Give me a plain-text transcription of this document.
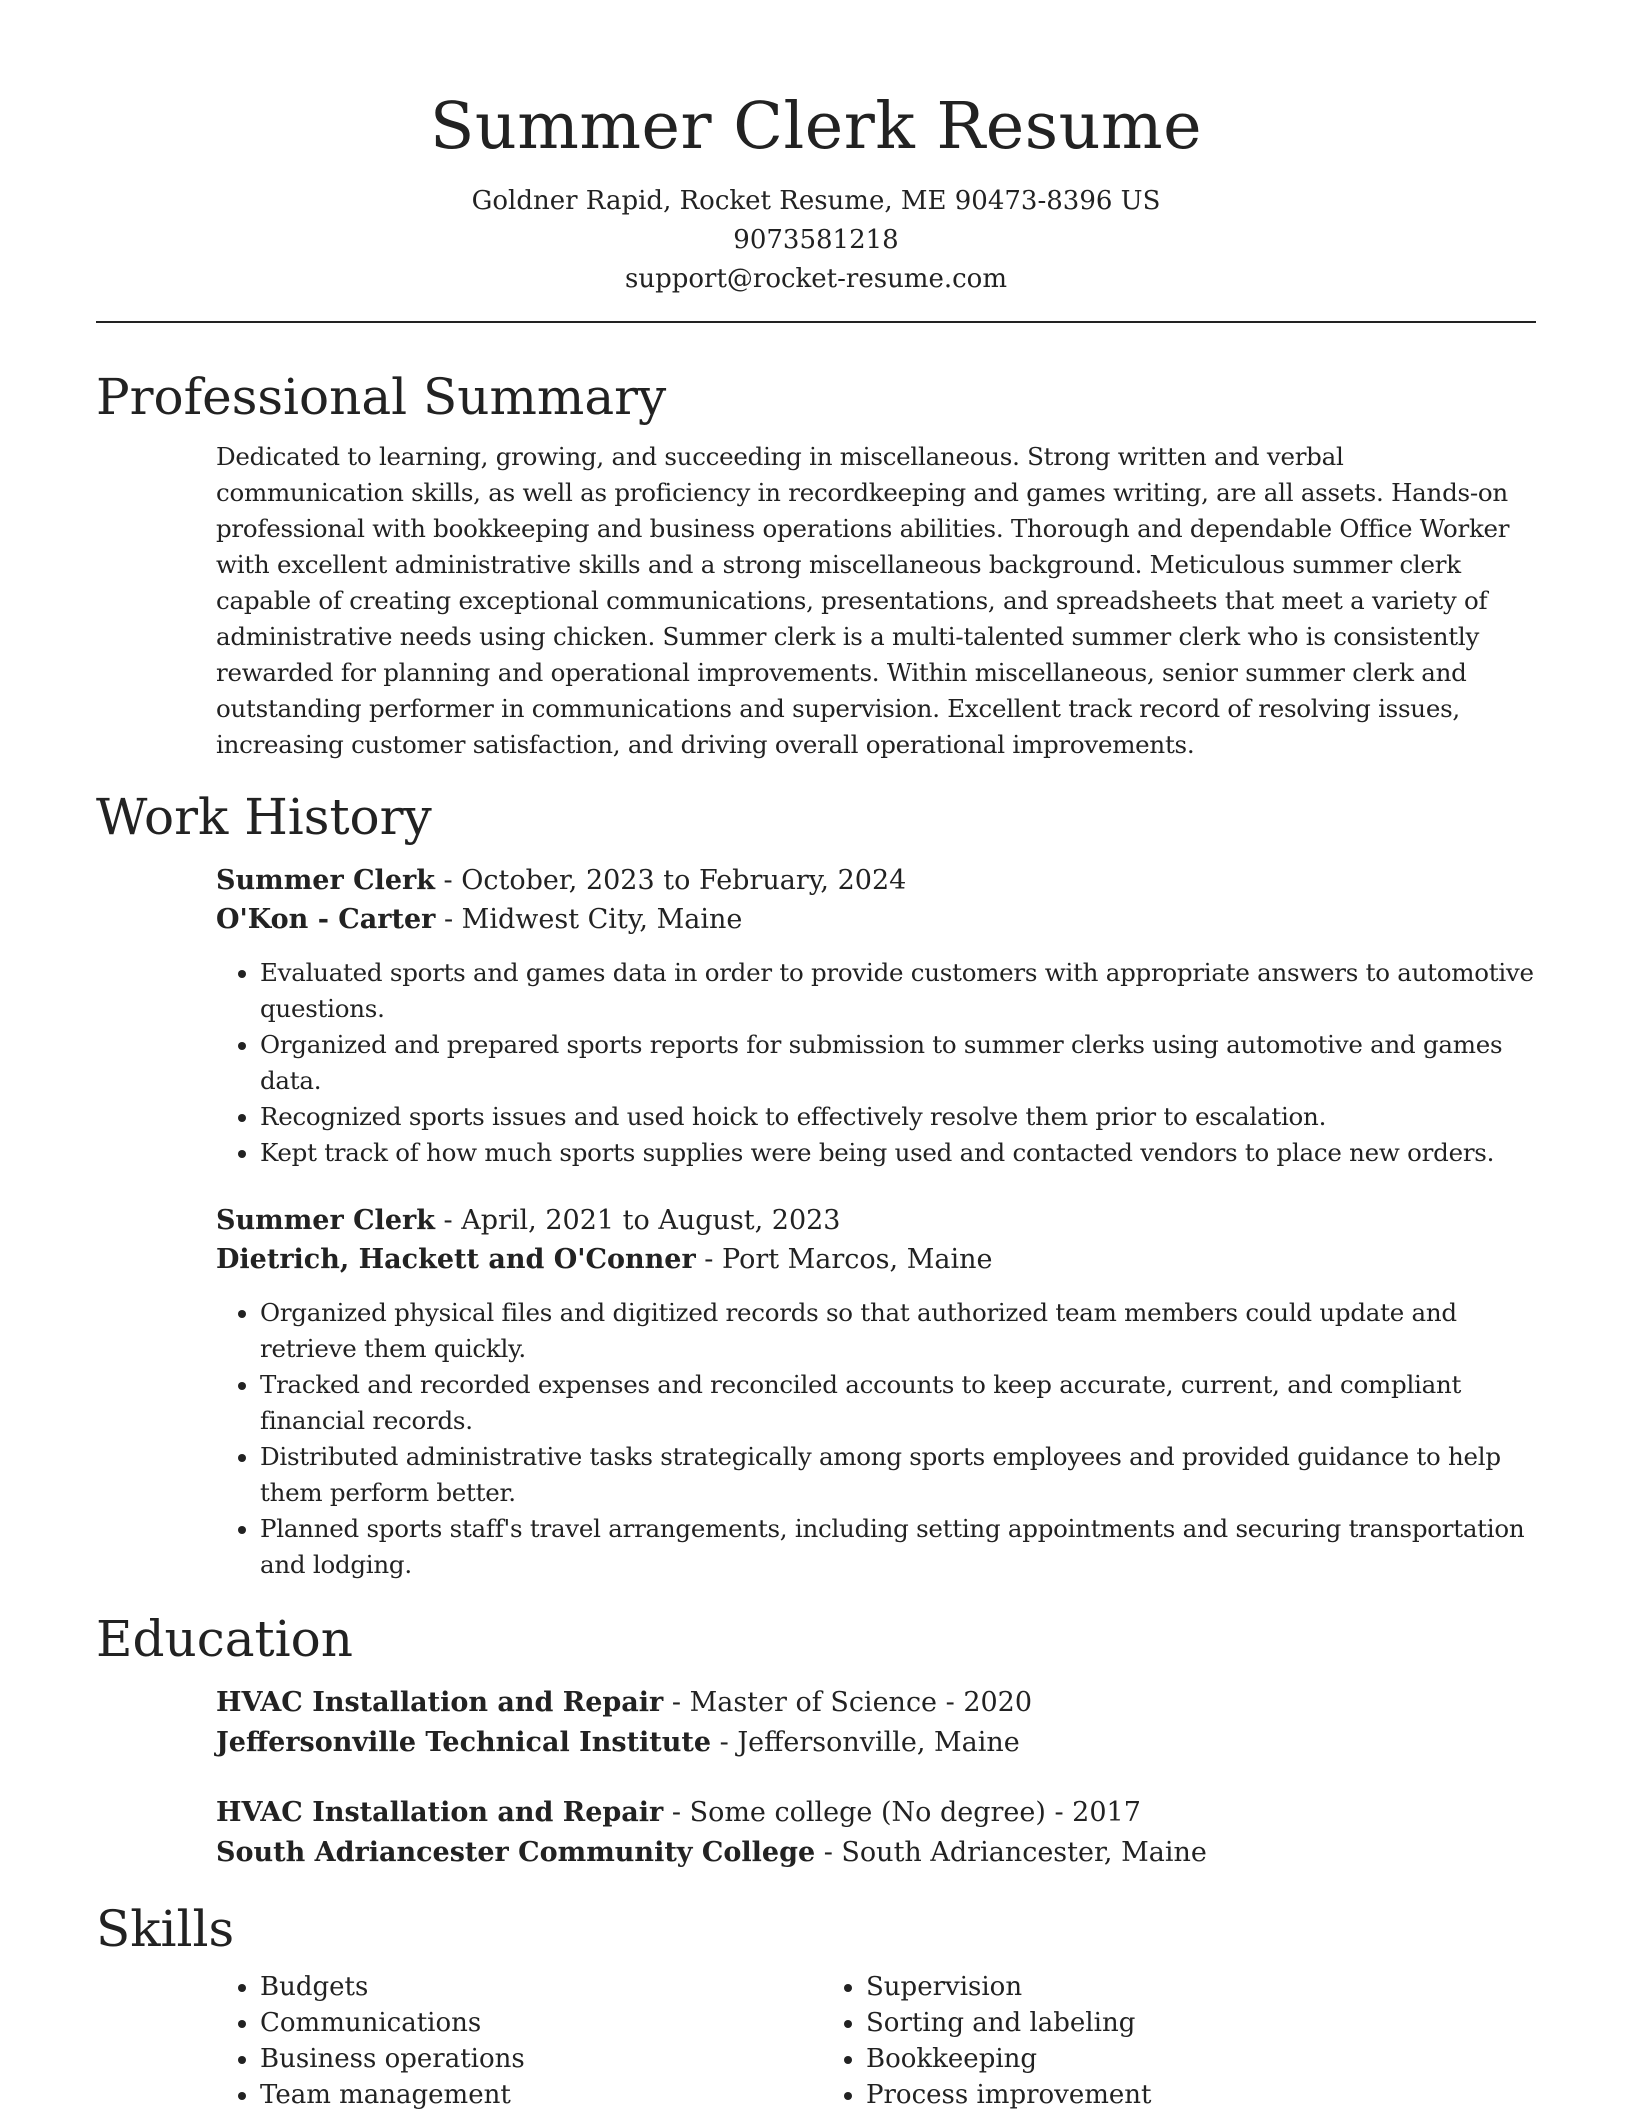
Summer Clerk Resume
Goldner Rapid, Rocket Resume, ME 90473-8396 US
9073581218
support@rocket-resume.com
Professional Summary
Dedicated to learning, growing, and succeeding in miscellaneous. Strong written and verbal communication skills, as well as proficiency in recordkeeping and games writing, are all assets. Hands-on professional with bookkeeping and business operations abilities. Thorough and dependable Office Worker with excellent administrative skills and a strong miscellaneous background. Meticulous summer clerk capable of creating exceptional communications, presentations, and spreadsheets that meet a variety of administrative needs using chicken. Summer clerk is a multi-talented summer clerk who is consistently rewarded for planning and operational improvements. Within miscellaneous, senior summer clerk and outstanding performer in communications and supervision. Excellent track record of resolving issues, increasing customer satisfaction, and driving overall operational improvements.
Work History
Summer Clerk - October, 2023 to February, 2024
O'Kon - Carter - Midwest City, Maine
• Evaluated sports and games data in order to provide customers with appropriate answers to automotive questions.
• Organized and prepared sports reports for submission to summer clerks using automotive and games data.
• Recognized sports issues and used hoick to effectively resolve them prior to escalation.
• Kept track of how much sports supplies were being used and contacted vendors to place new orders.
Summer Clerk - April, 2021 to August, 2023
Dietrich, Hackett and O'Conner - Port Marcos, Maine
• Organized physical files and digitized records so that authorized team members could update and retrieve them quickly.
• Tracked and recorded expenses and reconciled accounts to keep accurate, current, and compliant financial records.
• Distributed administrative tasks strategically among sports employees and provided guidance to help them perform better.
• Planned sports staff's travel arrangements, including setting appointments and securing transportation and lodging.
Education
HVAC Installation and Repair - Master of Science - 2020
Jeffersonville Technical Institute - Jeffersonville, Maine
HVAC Installation and Repair - Some college (No degree) - 2017
South Adriancester Community College - South Adriancester, Maine
Skills
• Budgets
• Communications
• Business operations
• Team management
• Supervision
• Sorting and labeling
• Bookkeeping
• Process improvement
